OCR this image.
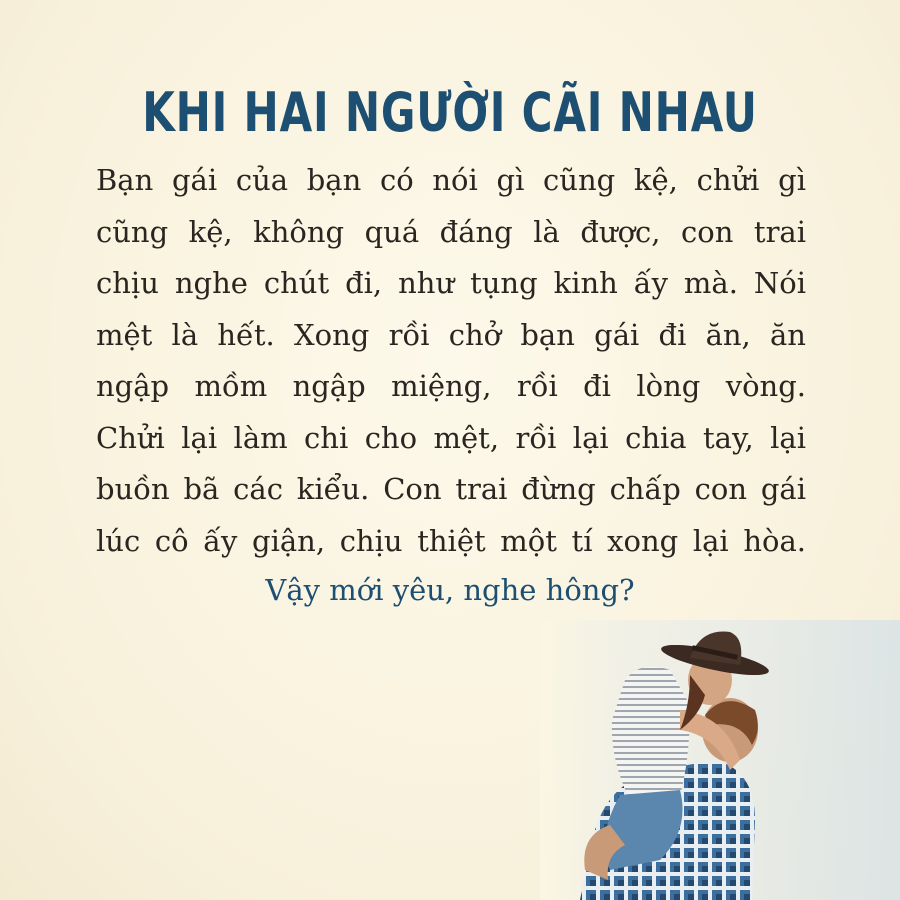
KHI HAI NGƯỜI CÃI NHAU
Bạn gái của bạn có nói gì cũng kệ, chửi gì
cũng kệ, không quá đáng là được, con trai
chịu nghe chút đi, như tụng kinh ấy mà. Nói
mệt là hết. Xong rồi chở bạn gái đi ăn, ăn
ngập mồm ngập miệng, rồi đi lòng vòng.
Chửi lại làm chi cho mệt, rồi lại chia tay, lại
buồn bã các kiểu. Con trai đừng chấp con gái
lúc cô ấy giận, chịu thiệt một tí xong lại hòa.
Vậy mới yêu, nghe hông?
